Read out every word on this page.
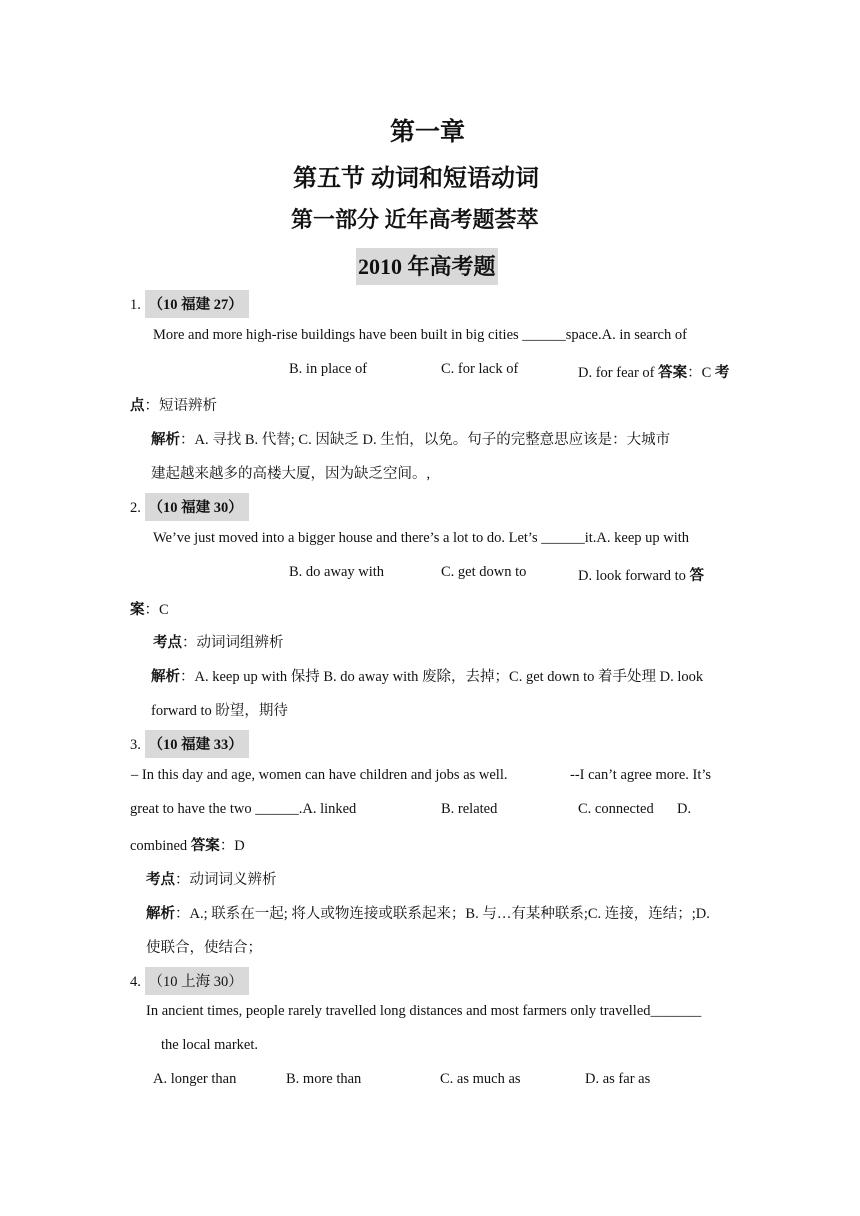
第一章
第五节 动词和短语动词
第一部分 近年高考题荟萃
2010 年高考题
1. （10 福建 27）
More and more high-rise buildings have been built in big cities ______space.A. in search of
B. in place of	C. for lack of	D. for fear of 答案：C 考
点：短语辨析
解析：A. 寻找 B. 代替; C. 因缺乏 D. 生怕，以免。句子的完整意思应该是：大城市
建起越来越多的高楼大厦，因为缺乏空间。,
2. （10 福建 30）
We’ve just moved into a bigger house and there’s a lot to do. Let’s ______it.A. keep up with
B. do away with	C. get down to	D. look forward to 答
案：C
考点：动词词组辨析
解析：A. keep up with 保持 B. do away with 废除，去掉；C. get down to 着手处理 D. look
forward to 盼望，期待
3. （10 福建 33）
– In this day and age, women can have children and jobs as well.	--I can’t agree more. It’s
great to have the two ______.A. linked	B. related	C. connected D.
combined 答案：D
考点：动词词义辨析
解析：A.; 联系在一起; 将人或物连接或联系起来；B. 与…有某种联系;C. 连接，连结；;D.
使联合，使结合；
4. （10 上海 30）
In ancient times, people rarely travelled long distances and most farmers only travelled_______
the local market.
A. longer than	B. more than	C. as much as	D. as far as
